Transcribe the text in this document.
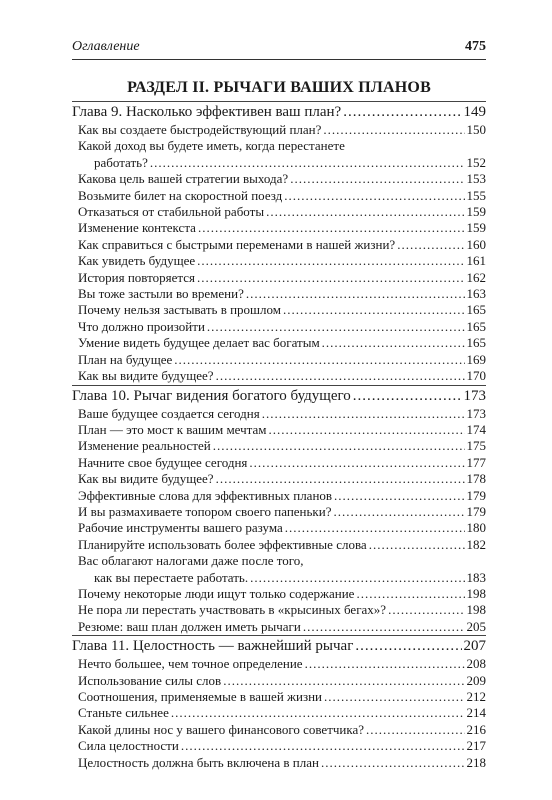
Оглавление	475
РАЗДЕЛ II. РЫЧАГИ ВАШИХ ПЛАНОВ
Глава 9. Насколько эффективен ваш план? .....	149
Как вы создаете быстродействующий план? .....	150
Какой доход вы будете иметь, когда перестанете
работать? .....	152
Какова цель вашей стратегии выхода? .....	153
Возьмите билет на скоростной поезд .....	155
Отказаться от стабильной работы .....	159
Изменение контекста .....	159
Как справиться с быстрыми переменами в нашей жизни? .....	160
Как увидеть будущее .....	161
История повторяется .....	162
Вы тоже застыли во времени? .....	163
Почему нельзя застывать в прошлом .....	165
Что должно произойти .....	165
Умение видеть будущее делает вас богатым .....	165
План на будущее .....	169
Как вы видите будущее? .....	170
Глава 10. Рычаг видения богатого будущего .....	173
Ваше будущее создается сегодня .....	173
План — это мост к вашим мечтам .....	174
Изменение реальностей .....	175
Начните свое будущее сегодня .....	177
Как вы видите будущее? .....	178
Эффективные слова для эффективных планов .....	179
И вы размахиваете топором своего папеньки? .....	179
Рабочие инструменты вашего разума .....	180
Планируйте использовать более эффективные слова .....	182
Вас облагают налогами даже после того,
как вы перестаете работать. .....	183
Почему некоторые люди ищут только содержание .....	198
Не пора ли перестать участвовать в «крысиных бегах»? .....	198
Резюме: ваш план должен иметь рычаги .....	205
Глава 11. Целостность — важнейший рычаг .....	207
Нечто большее, чем точное определение .....	208
Использование силы слов .....	209
Соотношения, применяемые в вашей жизни .....	212
Станьте сильнее .....	214
Какой длины нос у вашего финансового советчика? .....	216
Сила целостности .....	217
Целостность должна быть включена в план .....	218
